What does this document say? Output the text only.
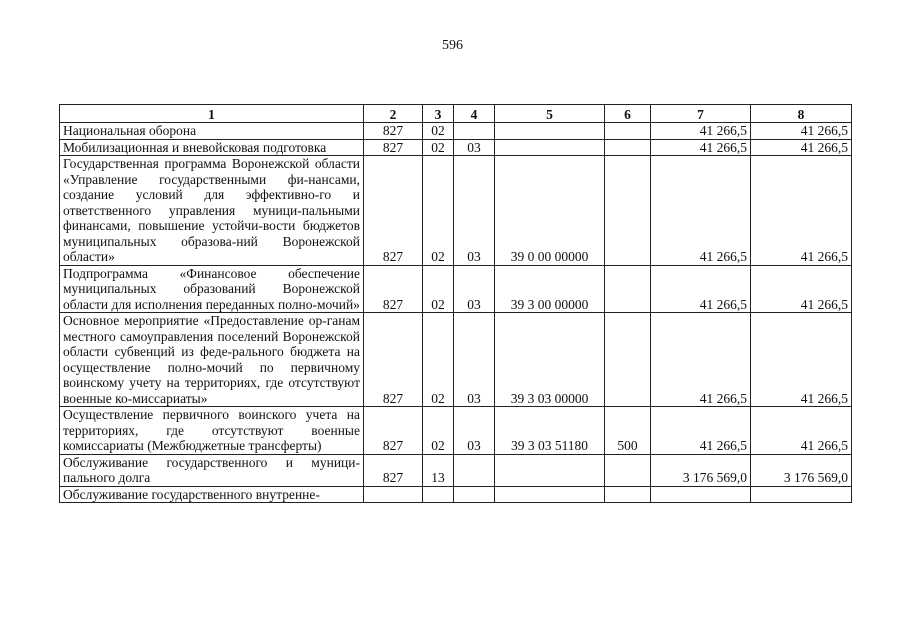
596
1	2	3	4	5	6	7	8
Национальная оборона	827	02				41 266,5	41 266,5
Мобилизационная и вневойсковая подготовка	827	02	03			41 266,5	41 266,5
Государственная программа Воронежской области «Управление государственными фи-нансами, создание условий для эффективно-го и ответственного управления муници-пальными финансами, повышение устойчи-вости бюджетов муниципальных образова-ний Воронежской области»	827	02	03	39 0 00 00000		41 266,5	41 266,5
Подпрограмма «Финансовое обеспечение муниципальных образований Воронежской области для исполнения переданных полно-мочий»	827	02	03	39 3 00 00000		41 266,5	41 266,5
Основное мероприятие «Предоставление ор-ганам местного самоуправления поселений Воронежской области субвенций из феде-рального бюджета на осуществление полно-мочий по первичному воинскому учету на территориях, где отсутствуют военные ко-миссариаты»	827	02	03	39 3 03 00000		41 266,5	41 266,5
Осуществление первичного воинского учета на территориях, где отсутствуют военные комиссариаты (Межбюджетные трансферты)	827	02	03	39 3 03 51180	500	41 266,5	41 266,5
Обслуживание государственного и муници-пального долга	827	13				3 176 569,0	3 176 569,0
Обслуживание государственного внутренне-							
